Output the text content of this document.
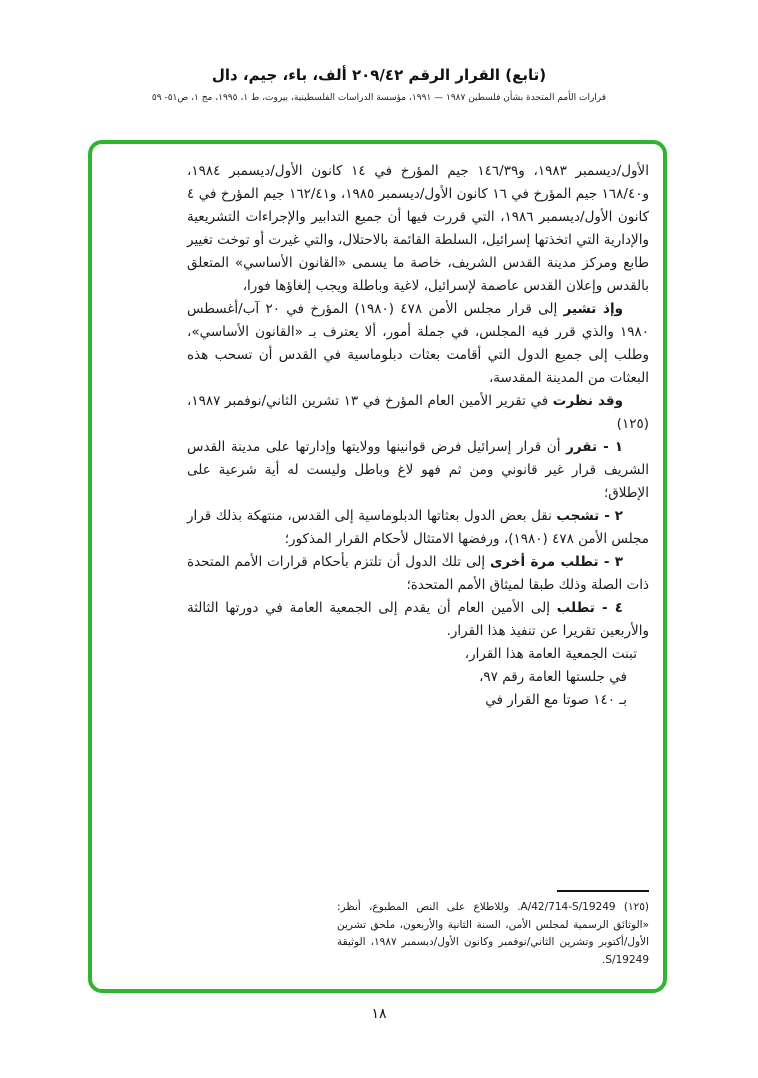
(تابع) القرار الرقم ٢٠٩/٤٢ ألف، باء، جيم، دال
قرارات الأمم المتحدة بشأن فلسطين ١٩٨٧ — ١٩٩١، مؤسسة الدراسات الفلسطينية، بيروت، ط ١، ١٩٩٥، مج ١، ص٥١- ٥٩

الأول/ديسمبر ١٩٨٣، و١٤٦/٣٩ جيم المؤرخ في ١٤ كانون الأول/ديسمبر ١٩٨٤، و١٦٨/٤٠ جيم المؤرخ في ١٦ كانون الأول/ديسمبر ١٩٨٥، و١٦٢/٤١ جيم المؤرخ في ٤ كانون الأول/ديسمبر ١٩٨٦، التي قررت فيها أن جميع التدابير والإجراءات التشريعية والإدارية التي اتخذتها إسرائيل، السلطة القائمة بالاحتلال، والتي غيرت أو توخت تغيير طابع ومركز مدينة القدس الشريف، خاصة ما يسمى «القانون الأساسي» المتعلق بالقدس وإعلان القدس عاصمة لإسرائيل، لاغية وباطلة ويجب إلغاؤها فورا،

وإذ تشير إلى قرار مجلس الأمن ٤٧٨ (١٩٨٠) المؤرخ في ٢٠ آب/أغسطس ١٩٨٠ والذي قرر فيه المجلس، في جملة أمور، ألا يعترف بـ «القانون الأساسي»، وطلب إلى جميع الدول التي أقامت بعثات دبلوماسية في القدس أن تسحب هذه البعثات من المدينة المقدسة،

وقد نظرت في تقرير الأمين العام المؤرخ في ١٣ تشرين الثاني/نوفمبر ١٩٨٧،(١٢٥)

١ - تقرر أن قرار إسرائيل فرض قوانينها وولايتها وإدارتها على مدينة القدس الشريف قرار غير قانوني ومن ثم فهو لاغ وباطل وليست له أية شرعية على الإطلاق؛

٢ - تشجب نقل بعض الدول بعثاتها الدبلوماسية إلى القدس، منتهكة بذلك قرار مجلس الأمن ٤٧٨ (١٩٨٠)، ورفضها الامتثال لأحكام القرار المذكور؛

٣ - تطلب مرة أخرى إلى تلك الدول أن تلتزم بأحكام قرارات الأمم المتحدة ذات الصلة وذلك طبقا لميثاق الأمم المتحدة؛

٤ - تطلب إلى الأمين العام أن يقدم إلى الجمعية العامة في دورتها الثالثة والأربعين تقريرا عن تنفيذ هذا القرار.

تبنت الجمعية العامة هذا القرار،

في جلستها العامة رقم ٩٧،

بـ ١٤٠ صوتا مع القرار في

(١٢٥) A/42/714-S/19249. وللاطلاع على النص المطبوع، أنظر: «الوثائق الرسمية لمجلس الأمن، السنة الثانية والأربعون، ملحق تشرين الأول/أكتوبر وتشرين الثاني/نوفمبر وكانون الأول/ديسمبر ١٩٨٧، الوثيقة S/19249.

١٨
